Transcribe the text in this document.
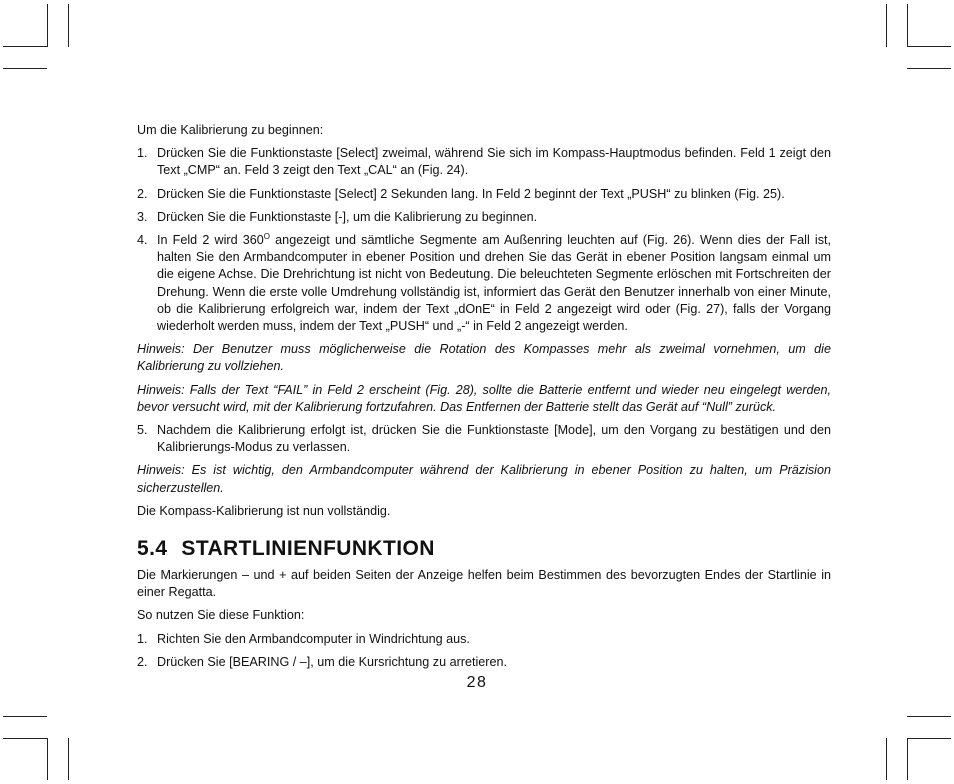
Um die Kalibrierung zu beginnen:

1. Drücken Sie die Funktionstaste [Select] zweimal, während Sie sich im Kompass-Hauptmodus befinden. Feld 1 zeigt den Text „CMP“ an. Feld 3 zeigt den Text „CAL“ an (Fig. 24).
2. Drücken Sie die Funktionstaste [Select] 2 Sekunden lang. In Feld 2 beginnt der Text „PUSH“ zu blinken (Fig. 25).
3. Drücken Sie die Funktionstaste [-], um die Kalibrierung zu beginnen.
4. In Feld 2 wird $360^O$ angezeigt und sämtliche Segmente am Außenring leuchten auf (Fig. 26). Wenn dies der Fall ist, halten Sie den Armbandcomputer in ebener Position und drehen Sie das Gerät in ebener Position langsam einmal um die eigene Achse. Die Drehrichtung ist nicht von Bedeutung. Die beleuchteten Segmente erlöschen mit Fortschreiten der Drehung. Wenn die erste volle Umdrehung vollständig ist, informiert das Gerät den Benutzer innerhalb von einer Minute, ob die Kalibrierung erfolgreich war, indem der Text „dOnE“ in Feld 2 angezeigt wird oder (Fig. 27), falls der Vorgang wiederholt werden muss, indem der Text „PUSH“ und „-“ in Feld 2 angezeigt werden.

Hinweis: Der Benutzer muss möglicherweise die Rotation des Kompasses mehr als zweimal vornehmen, um die Kalibrierung zu vollziehen.

Hinweis: Falls der Text “FAIL” in Feld 2 erscheint (Fig. 28), sollte die Batterie entfernt und wieder neu eingelegt werden, bevor versucht wird, mit der Kalibrierung fortzufahren. Das Entfernen der Batterie stellt das Gerät auf “Null” zurück.

5. Nachdem die Kalibrierung erfolgt ist, drücken Sie die Funktionstaste [Mode], um den Vorgang zu bestätigen und den Kalibrierungs-Modus zu verlassen.

Hinweis: Es ist wichtig, den Armbandcomputer während der Kalibrierung in ebener Position zu halten, um Präzision sicherzustellen.

Die Kompass-Kalibrierung ist nun vollständig.

5.4 STARTLINIENFUNKTION

Die Markierungen – und + auf beiden Seiten der Anzeige helfen beim Bestimmen des bevorzugten Endes der Startlinie in einer Regatta.

So nutzen Sie diese Funktion:

1. Richten Sie den Armbandcomputer in Windrichtung aus.
2. Drücken Sie [BEARING / –], um die Kursrichtung zu arretieren.
28
